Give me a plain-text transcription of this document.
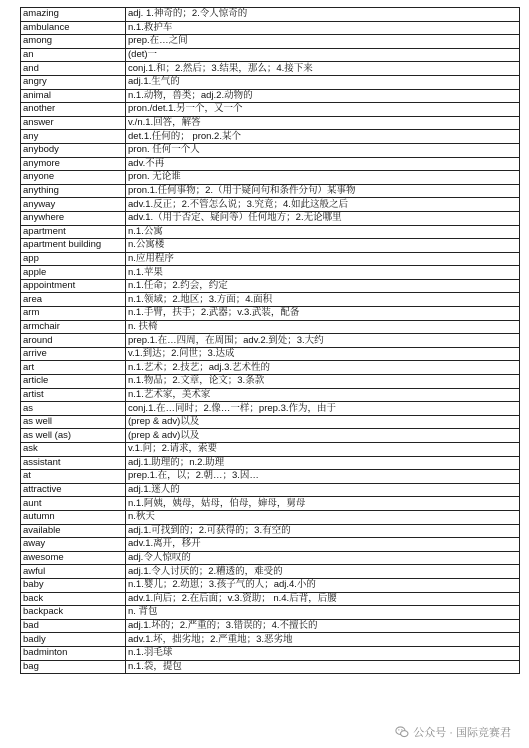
amazing	adj. 1.神奇的；2.令人惊奇的
ambulance	n.1.救护车
among	prep.在…之间
an	(det)一
and	conj.1.和；2.然后；3.结果，那么；4.接下来
angry	adj.1.生气的
animal	n.1.动物，兽类；adj.2.动物的
another	pron./det.1.另一个，又一个
answer	v./n.1.回答，解答
any	det.1.任何的； pron.2.某个
anybody	pron. 任何一个人
anymore	adv.不再
anyone	pron. 无论谁
anything	pron.1.任何事物；2.（用于疑问句和条件分句）某事物
anyway	adv.1.反正；2.不管怎么说；3.究竟；4.如此这般之后
anywhere	adv.1.（用于否定、疑问等）任何地方；2.无论哪里
apartment	n.1.公寓
apartment building	n.公寓楼
app	n.应用程序
apple	n.1.苹果
appointment	n.1.任命；2.约会，约定
area	n.1.领域；2.地区；3.方面；4.面积
arm	n.1.手臂，扶手；2.武器；v.3.武装，配备
armchair	n. 扶椅
around	prep.1.在…四周，在周围；adv.2.到处；3.大约
arrive	v.1.到达；2.问世；3.达成
art	n.1.艺术；2.技艺；adj.3.艺术性的
article	n.1.物品；2.文章，论文；3.条款
artist	n.1.艺术家，美术家
as	conj.1.在…同时；2.像…一样；prep.3.作为，由于
as well	(prep & adv)以及
as well (as)	(prep & adv)以及
ask	v.1.问；2.请求，索要
assistant	adj.1.助理的；n.2.助理
at	prep.1.在，以；2.朝…；3.因…
attractive	adj.1.迷人的
aunt	n.1.阿姨，姨母，姑母，伯母，婶母，舅母
autumn	n.秋天
available	adj.1.可找到的；2.可获得的；3.有空的
away	adv.1.离开，移开
awesome	adj.令人惊叹的
awful	adj.1.令人讨厌的；2.糟透的，难受的
baby	n.1.婴儿；2.幼崽；3.孩子气的人；adj.4.小的
back	adv.1.向后；2.在后面；v.3.资助； n.4.后背，后腰
backpack	n. 背包
bad	adj.1.坏的；2.严重的；3.错误的；4.不擅长的
badly	adv.1.坏，拙劣地；2.严重地；3.恶劣地
badminton	n.1.羽毛球
bag	n.1.袋，提包
公众号 · 国际竞赛君
